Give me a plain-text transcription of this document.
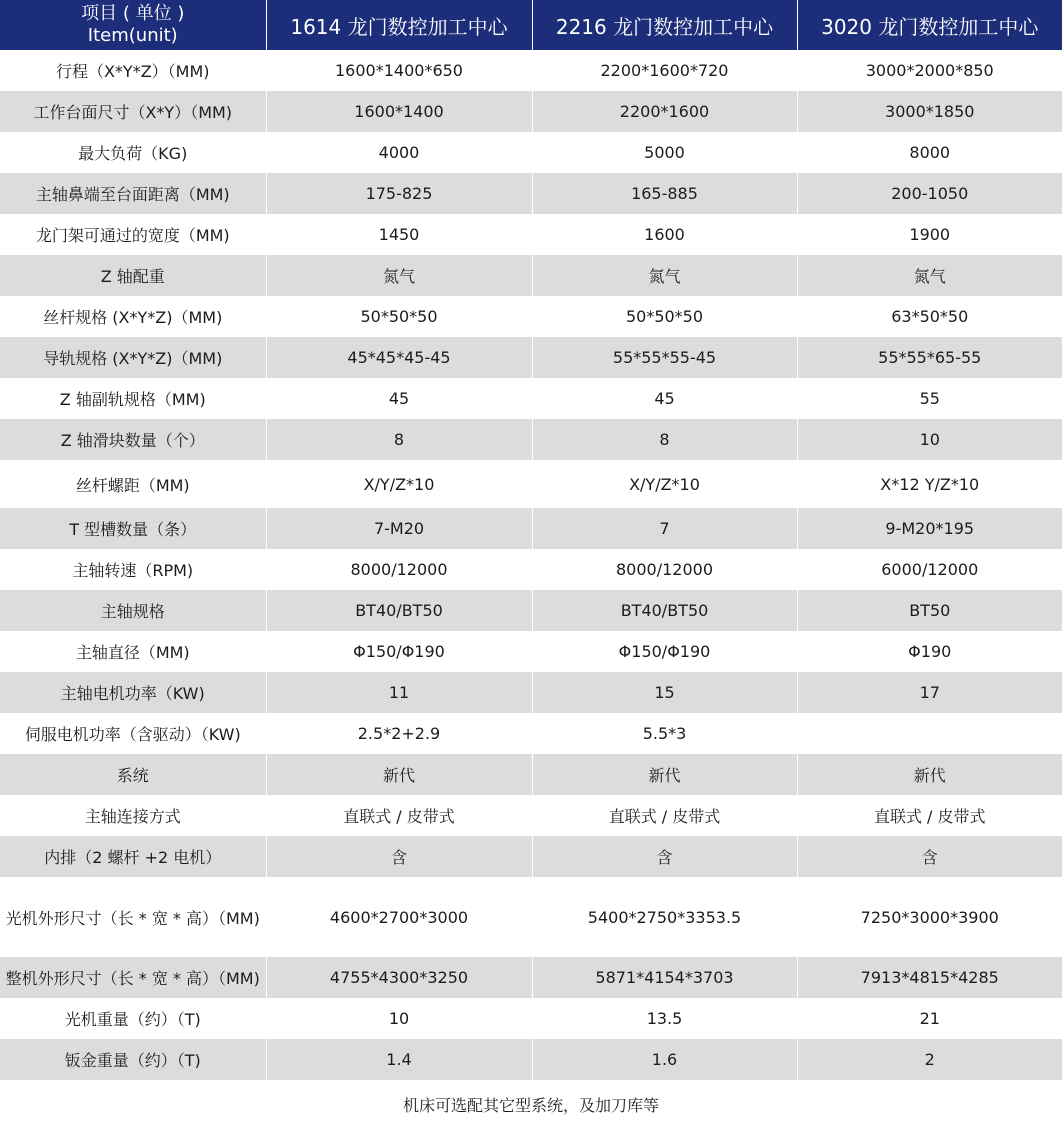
项目 ( 单位 )
Item(unit)	1614 龙门数控加工中心	2216 龙门数控加工中心	3020 龙门数控加工中心
行程（X*Y*Z）（MM)	1600*1400*650	2200*1600*720	3000*2000*850
工作台面尺寸（X*Y）（MM)	1600*1400	2200*1600	3000*1850
最大负荷（KG)	4000	5000	8000
主轴鼻端至台面距离（MM)	175-825	165-885	200-1050
龙门架可通过的宽度（MM)	1450	1600	1900
Z 轴配重	氮气	氮气	氮气
丝杆规格 (X*Y*Z)（MM)	50*50*50	50*50*50	63*50*50
导轨规格 (X*Y*Z)（MM)	45*45*45-45	55*55*55-45	55*55*65-55
Z 轴副轨规格（MM)	45	45	55
Z 轴滑块数量（个）	8	8	10
丝杆螺距（MM)	X/Y/Z*10	X/Y/Z*10	X*12 Y/Z*10
T 型槽数量（条）	7-M20	7	9-M20*195
主轴转速（RPM)	8000/12000	8000/12000	6000/12000
主轴规格	BT40/BT50	BT40/BT50	BT50
主轴直径（MM)	Φ150/Φ190	Φ150/Φ190	Φ190
主轴电机功率（KW)	11	15	17
伺服电机功率（含驱动）（KW)	2.5*2+2.9	5.5*3	
系统	新代	新代	新代
主轴连接方式	直联式 / 皮带式	直联式 / 皮带式	直联式 / 皮带式
内排（2 螺杆 +2 电机）	含	含	含
光机外形尺寸（长 * 宽 * 高）（MM)	4600*2700*3000	5400*2750*3353.5	7250*3000*3900
整机外形尺寸（长 * 宽 * 高）（MM)	4755*4300*3250	5871*4154*3703	7913*4815*4285
光机重量（约）（T)	10	13.5	21
钣金重量（约）（T)	1.4	1.6	2
机床可选配其它型系统，及加刀库等
